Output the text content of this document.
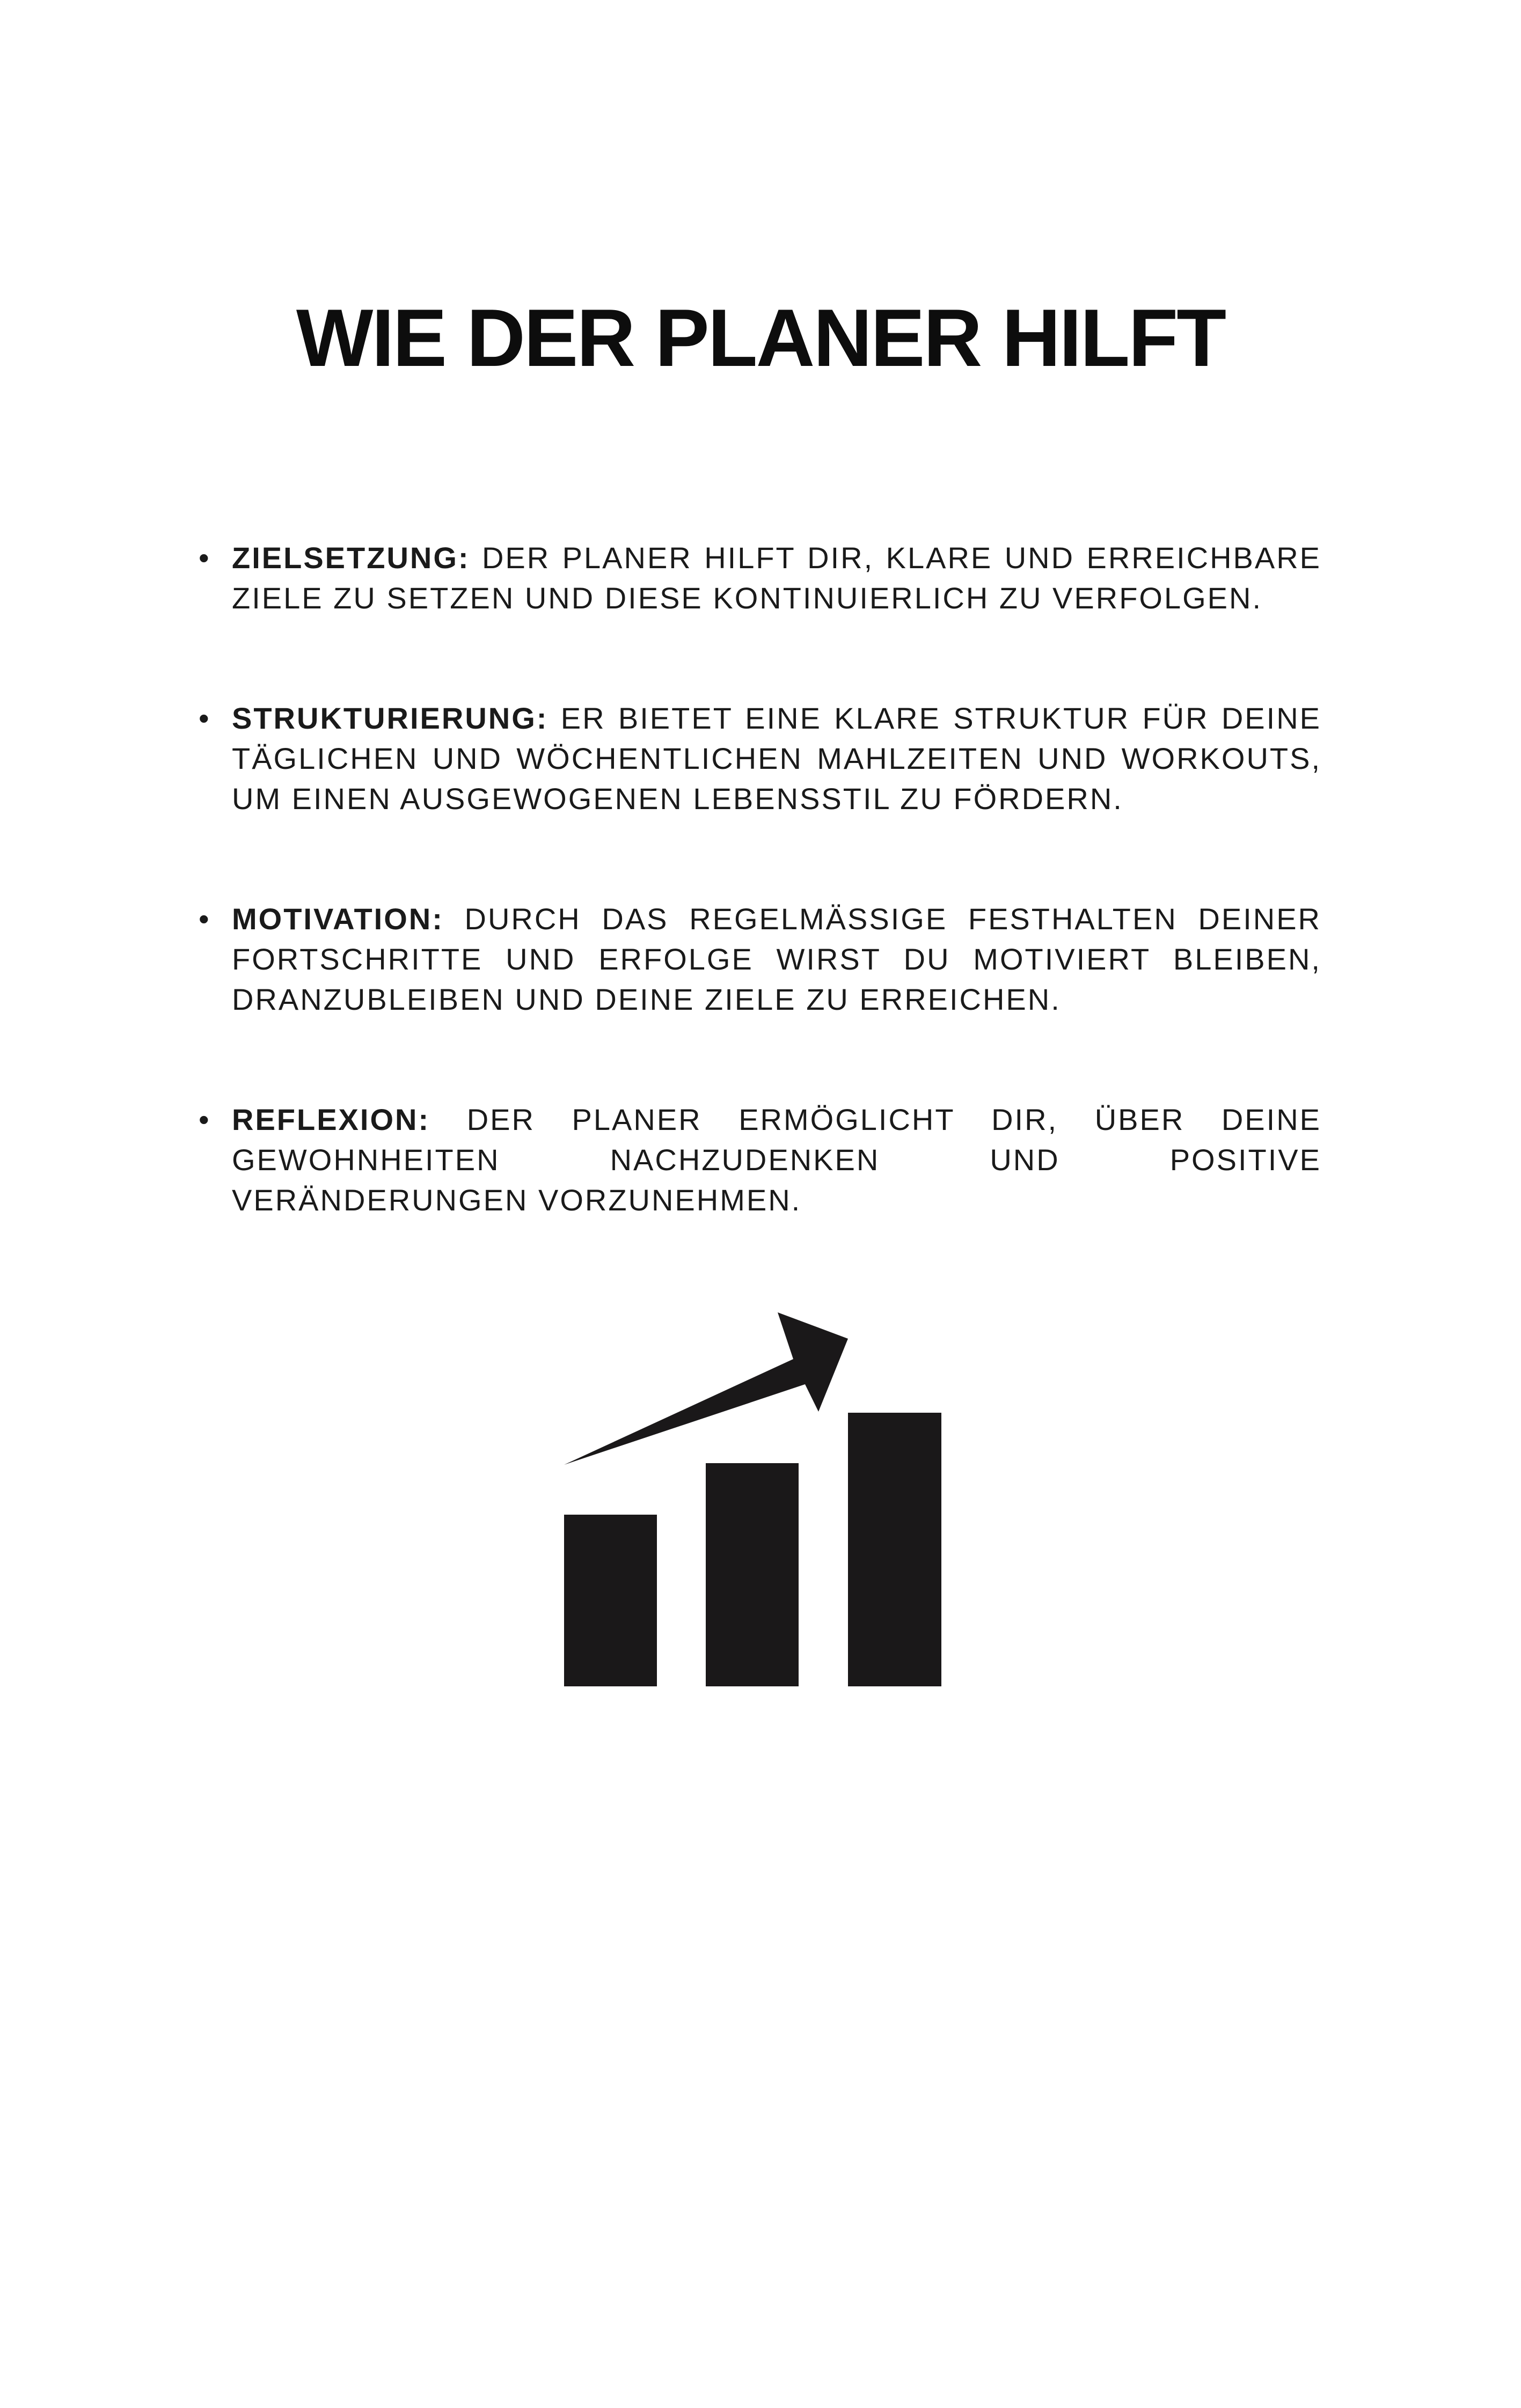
WIE DER PLANER HILFT
• ZIELSETZUNG: DER PLANER HILFT DIR, KLARE UND ERREICHBARE ZIELE ZU SETZEN UND DIESE KONTINUIERLICH ZU VERFOLGEN.
• STRUKTURIERUNG: ER BIETET EINE KLARE STRUKTUR FÜR DEINE TÄGLICHEN UND WÖCHENTLICHEN MAHLZEITEN UND WORKOUTS, UM EINEN AUSGEWOGENEN LEBENSSTIL ZU FÖRDERN.
• MOTIVATION: DURCH DAS REGELMÄSSIGE FESTHALTEN DEINER FORTSCHRITTE UND ERFOLGE WIRST DU MOTIVIERT BLEIBEN, DRANZUBLEIBEN UND DEINE ZIELE ZU ERREICHEN.
• REFLEXION: DER PLANER ERMÖGLICHT DIR, ÜBER DEINE GEWOHNHEITEN NACHZUDENKEN UND POSITIVE VERÄNDERUNGEN VORZUNEHMEN.
